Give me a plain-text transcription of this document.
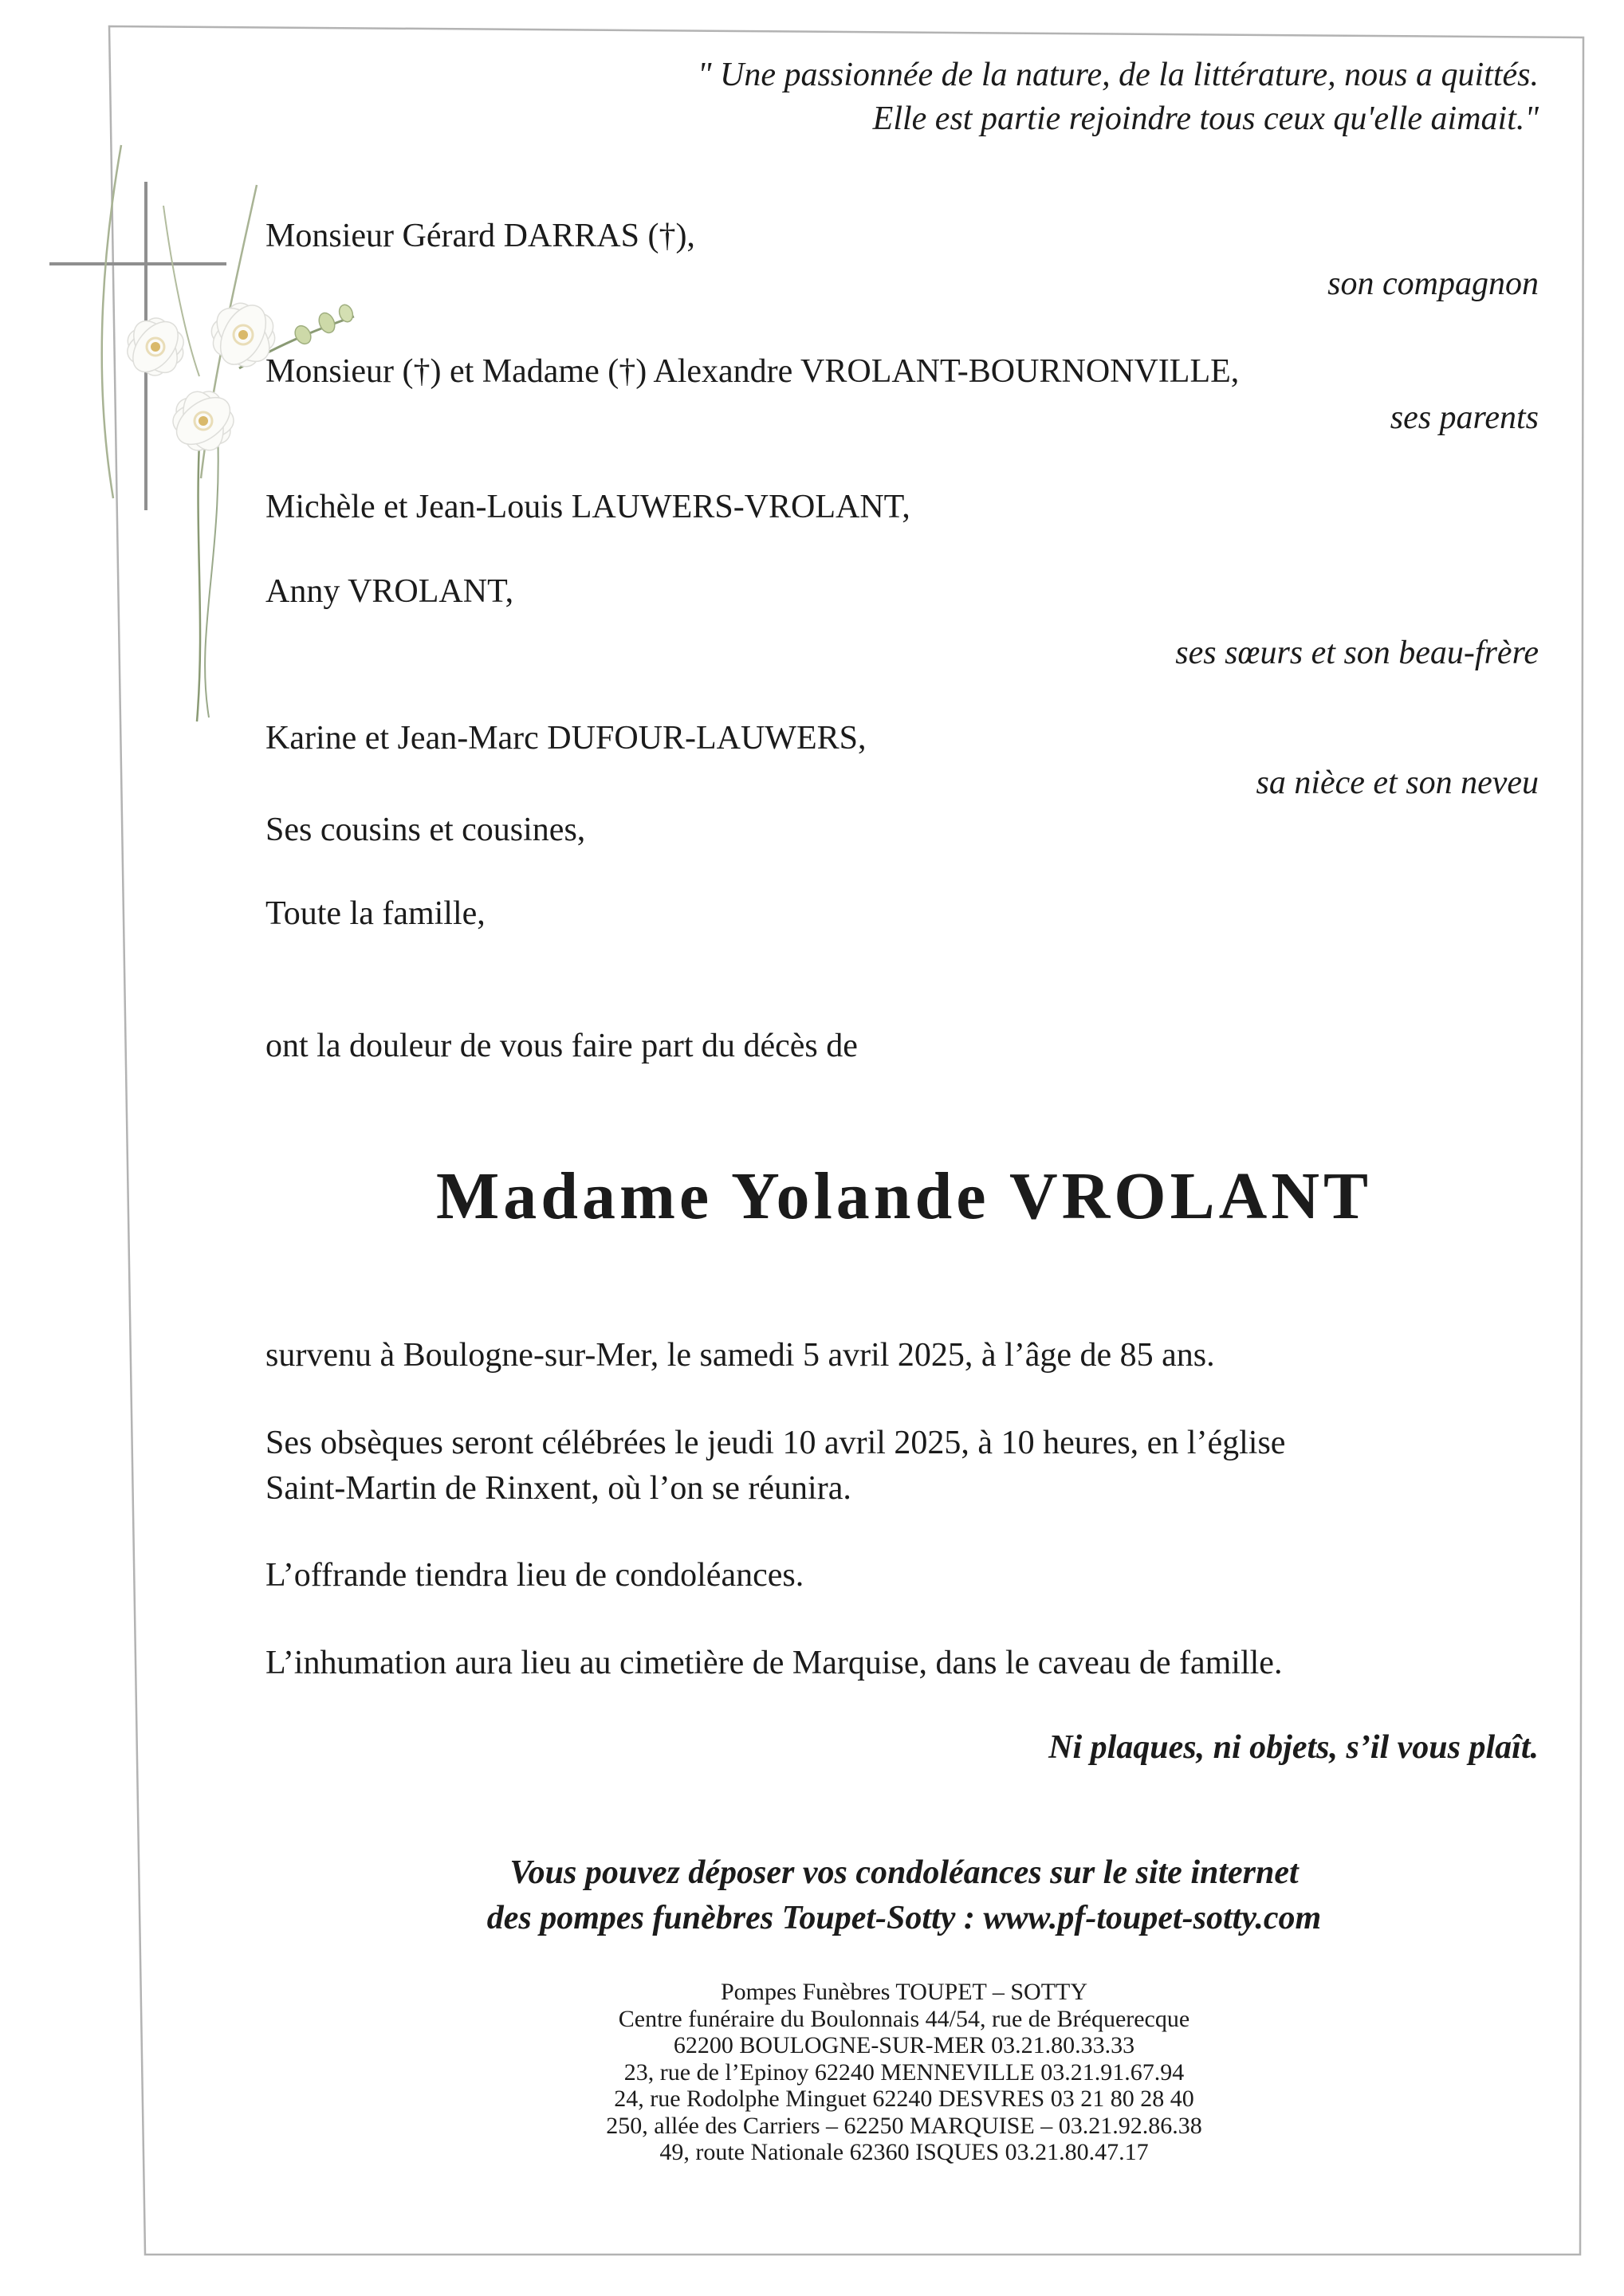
" Une passionnée de la nature, de la littérature, nous a quittés.
Elle est partie rejoindre tous ceux qu'elle aimait."
Monsieur Gérard DARRAS (†),
son compagnon
Monsieur (†) et Madame (†) Alexandre VROLANT-BOURNONVILLE,
ses parents
Michèle et Jean-Louis LAUWERS-VROLANT,
Anny VROLANT,
ses sœurs et son beau-frère
Karine et Jean-Marc DUFOUR-LAUWERS,
sa nièce et son neveu
Ses cousins et cousines,
Toute la famille,
ont la douleur de vous faire part du décès de
Madame Yolande VROLANT
survenu à Boulogne-sur-Mer, le samedi 5 avril 2025, à l’âge de 85 ans.
Ses obsèques seront célébrées le jeudi 10 avril 2025, à 10 heures, en l’église
Saint-Martin de Rinxent, où l’on se réunira.
L’offrande tiendra lieu de condoléances.
L’inhumation aura lieu au cimetière de Marquise, dans le caveau de famille.
Ni plaques, ni objets, s’il vous plaît.
Vous pouvez déposer vos condoléances sur le site internet
des pompes funèbres Toupet-Sotty : www.pf-toupet-sotty.com
Pompes Funèbres TOUPET – SOTTY
Centre funéraire du Boulonnais 44/54, rue de Bréquerecque
62200 BOULOGNE-SUR-MER 03.21.80.33.33
23, rue de l’Epinoy 62240 MENNEVILLE 03.21.91.67.94
24, rue Rodolphe Minguet 62240 DESVRES 03 21 80 28 40
250, allée des Carriers – 62250 MARQUISE – 03.21.92.86.38
49, route Nationale 62360 ISQUES 03.21.80.47.17
